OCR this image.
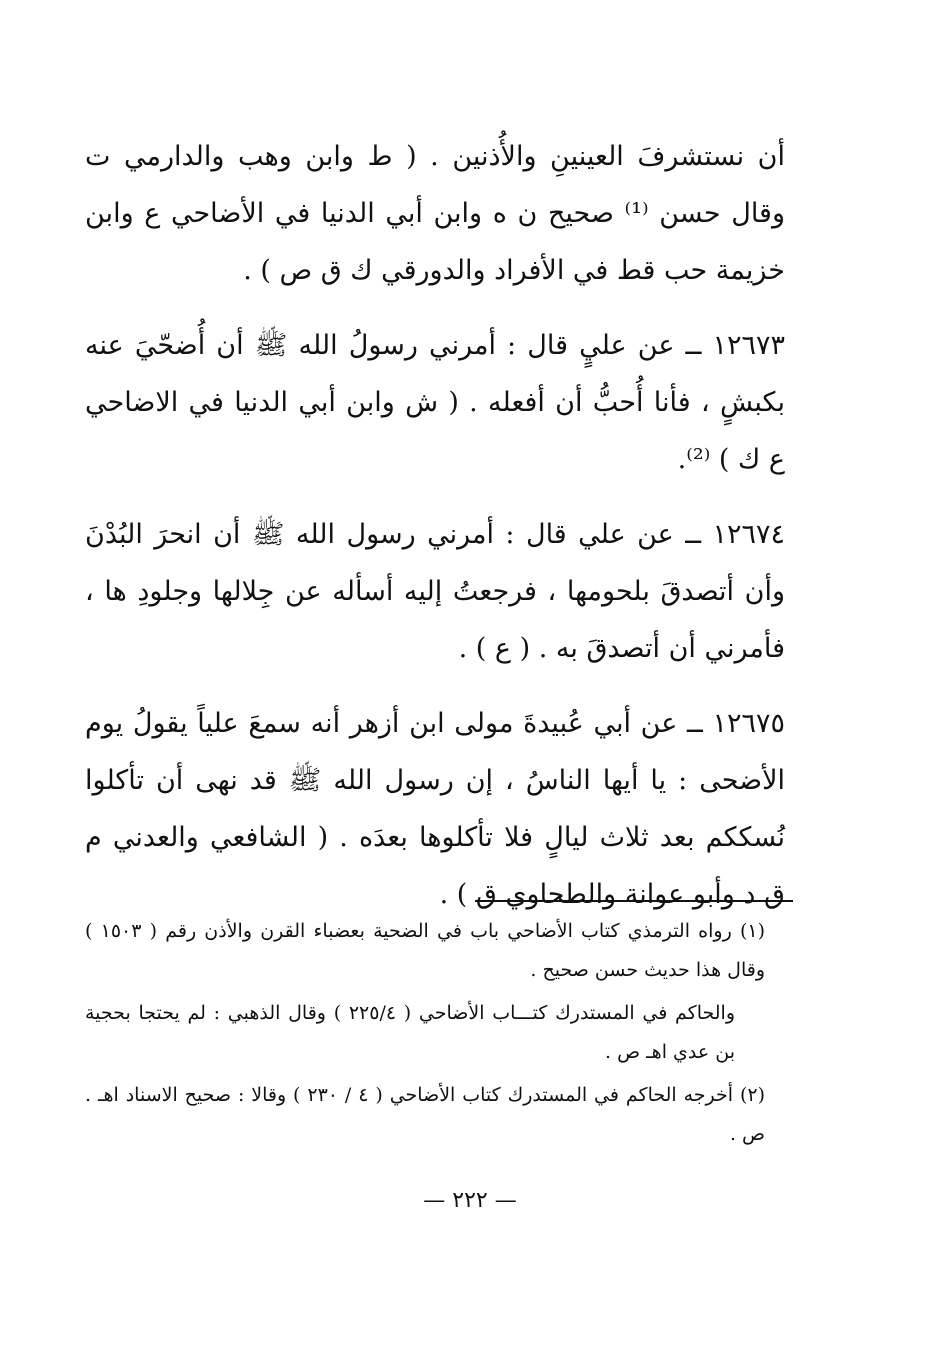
أن نستشرفَ العينينِ والأُذنين . ( ط وابن وهب والدارمي ت وقال حسن ⁽¹⁾ صحيح ن ه وابن أبي الدنيا في الأضاحي ع وابن خزيمة حب قط في الأفراد والدورقي ك ق ص ) .

١٢٦٧٣ ــ عن عليٍ قال : أمرني رسولُ الله ﷺ أن أُضحّيَ عنه بكبشٍ ، فأنا أُحبُّ أن أفعله . ( ش وابن أبي الدنيا في الاضاحي ع ك ) ⁽²⁾.

١٢٦٧٤ ــ عن علي قال : أمرني رسول الله ﷺ أن انحرَ البُدْنَ وأن أتصدقَ بلحومها ، فرجعتُ إليه أسأله عن جِلالها وجلودِ ها ، فأمرني أن أتصدقَ به . ( ع ) .

١٢٦٧٥ ــ عن أبي عُبيدةَ مولى ابن أزهر أنه سمعَ علياً يقولُ يوم الأضحى : يا أيها الناسُ ، إن رسول الله ﷺ قد نهى أن تأكلوا نُسككم بعد ثلاث ليالٍ فلا تأكلوها بعدَه . ( الشافعي والعدني م ق د وأبو عوانة والطحاوي ق ) .

(١) رواه الترمذي كتاب الأضاحي باب في الضحية بعضباء القرن والأذن رقم ( ١٥٠٣ ) وقال هذا حديث حسن صحيح .

والحاكم في المستدرك كتـــاب الأضاحي ( ٢٢٥/٤ ) وقال الذهبي : لم يحتجا بحجية بن عدي اهـ ص .

(٢) أخرجه الحاكم في المستدرك كتاب الأضاحي ( ٤ / ٢٣٠ ) وقالا : صحيح الاسناد اهـ . ص .

— ٢٢٢ —
